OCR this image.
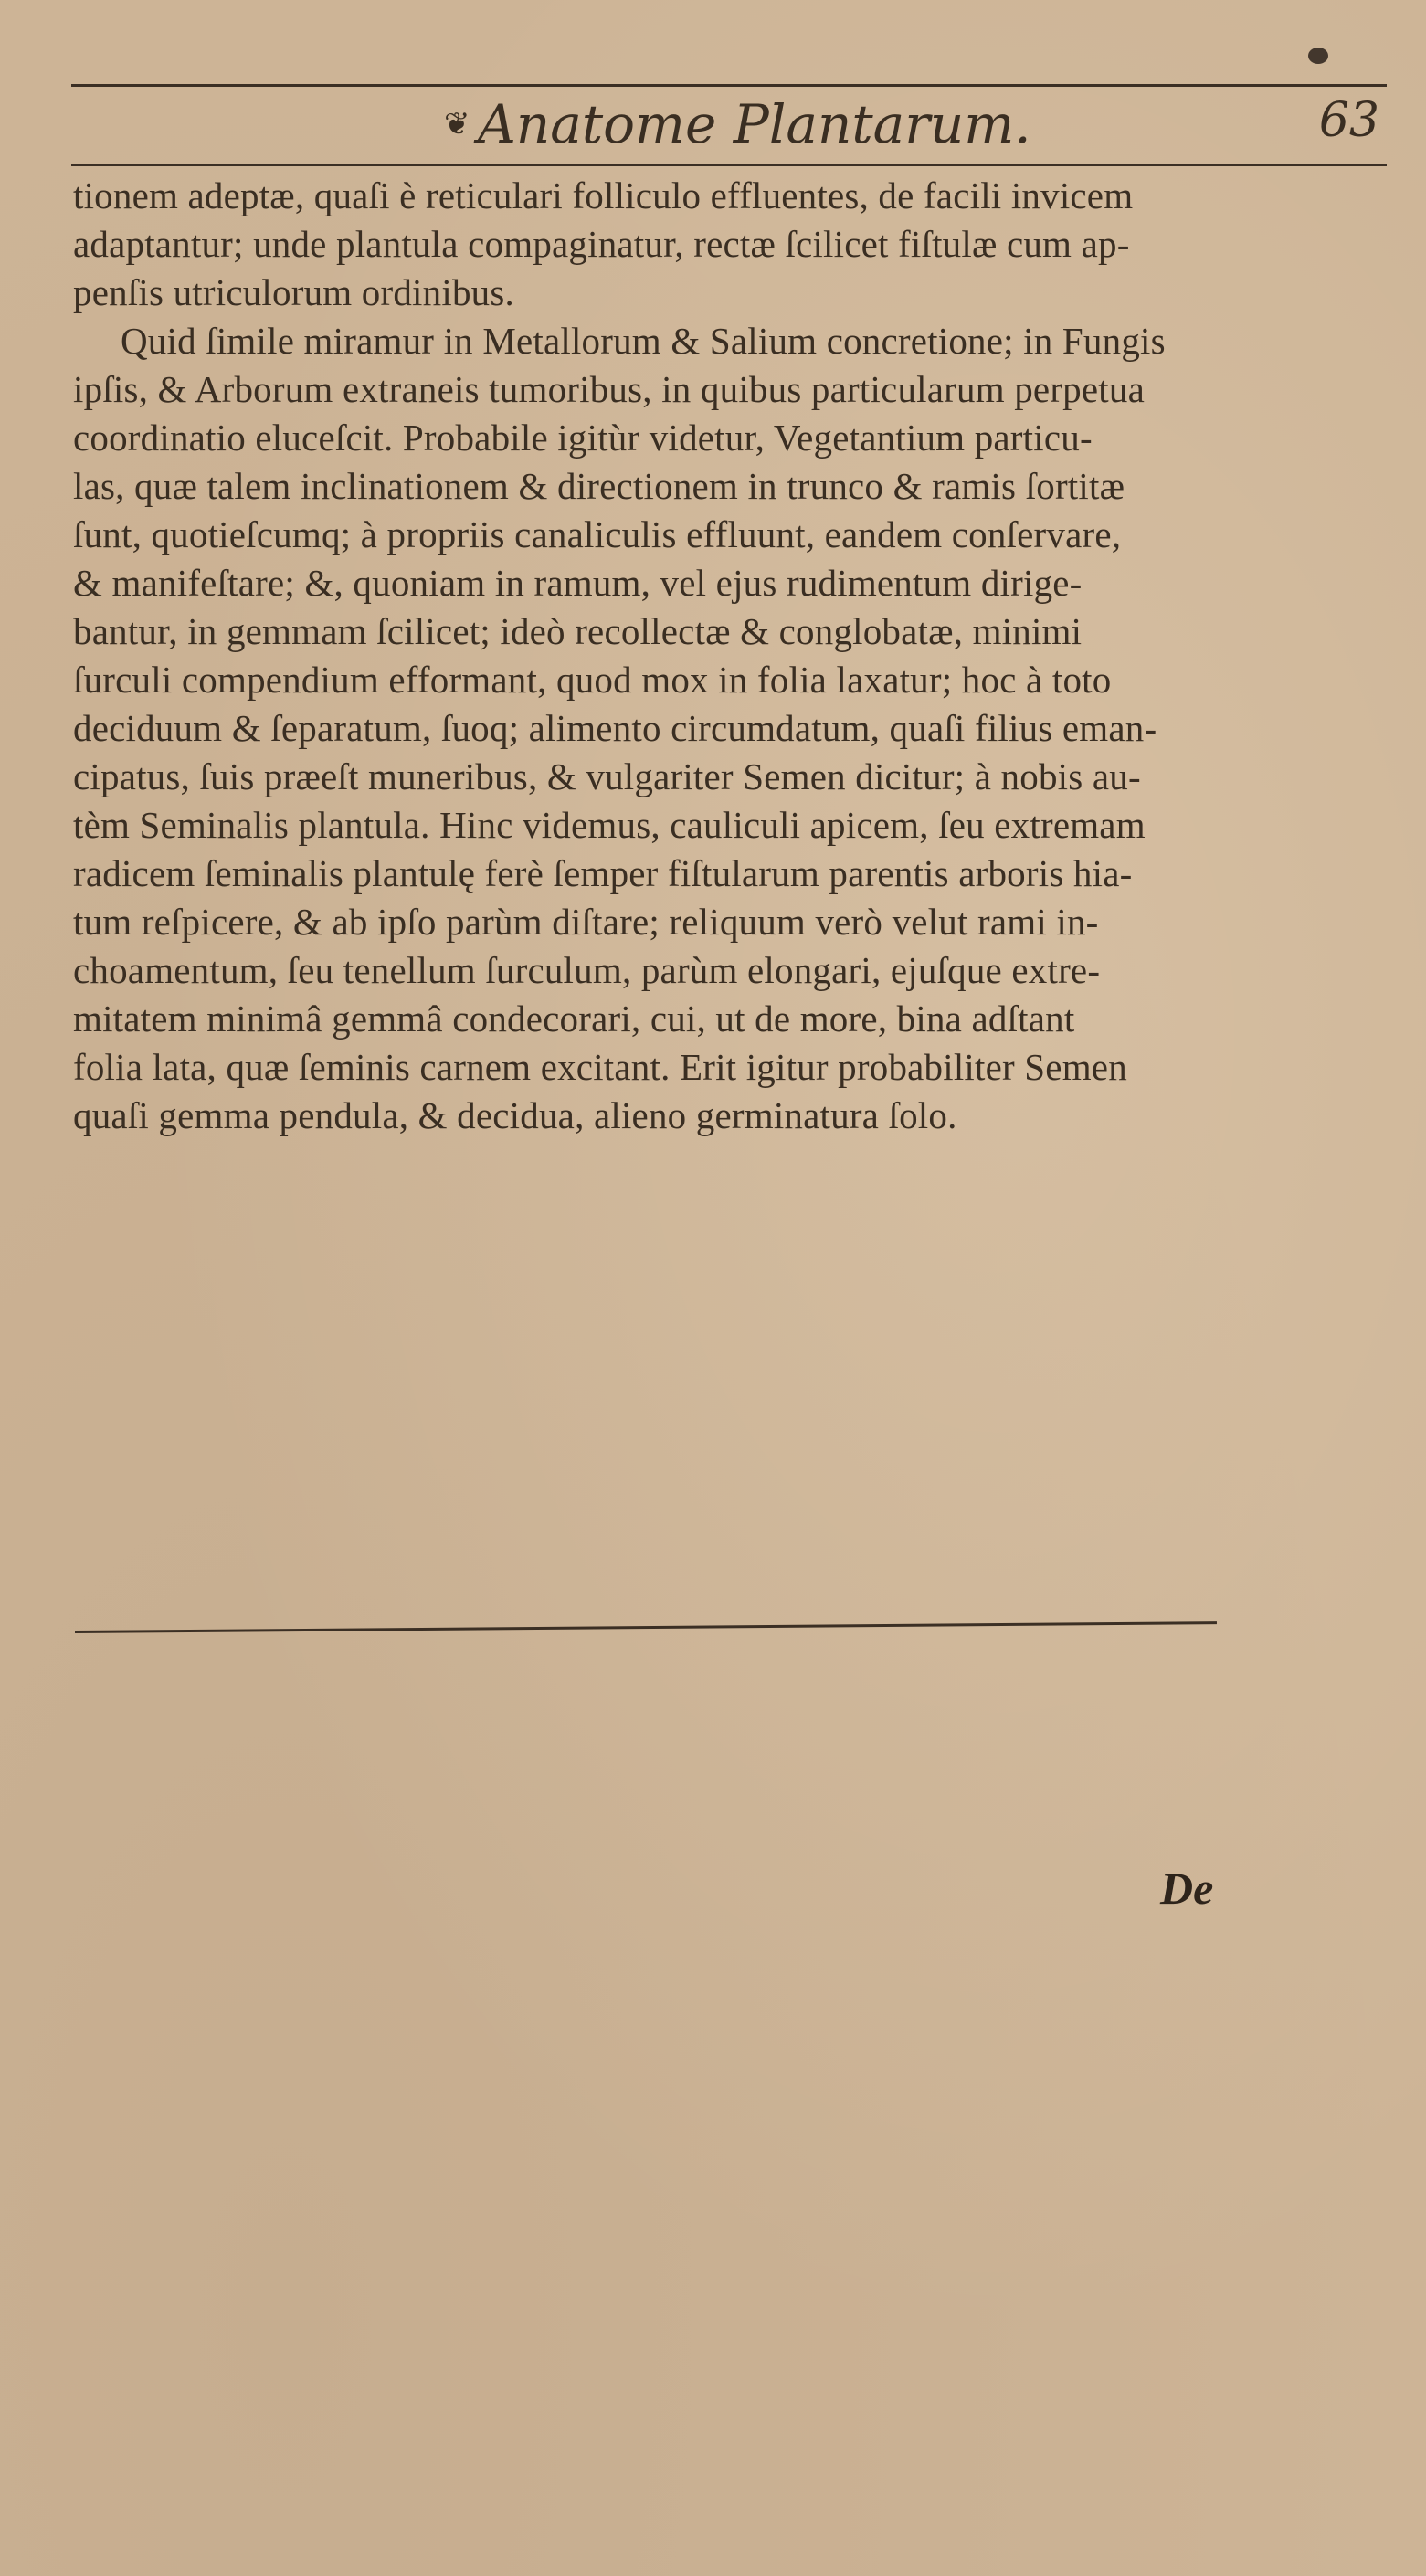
❦ Anatome Plantarum.	63
tionem adeptæ, quaſi è reticulari folliculo effluentes, de facili invicem
adaptantur; unde plantula compaginatur, rectæ ſcilicet fiſtulæ cum ap-
penſis utriculorum ordinibus.
Quid ſimile miramur in Metallorum & Salium concretione; in Fungis
ipſis, & Arborum extraneis tumoribus, in quibus particularum perpetua
coordinatio eluceſcit. Probabile igitùr videtur, Vegetantium particu-
las, quæ talem inclinationem & directionem in trunco & ramis ſortitæ
ſunt, quotieſcumq; à propriis canaliculis effluunt, eandem conſervare,
& manifeſtare; &, quoniam in ramum, vel ejus rudimentum dirige-
bantur, in gemmam ſcilicet; ideò recollectæ & conglobatæ, minimi
ſurculi compendium efformant, quod mox in folia laxatur; hoc à toto
deciduum & ſeparatum, ſuoq; alimento circumdatum, quaſi filius eman-
cipatus, ſuis præeſt muneribus, & vulgariter Semen dicitur; à nobis au-
tèm Seminalis plantula. Hinc videmus, cauliculi apicem, ſeu extremam
radicem ſeminalis plantulę ferè ſemper fiſtularum parentis arboris hia-
tum reſpicere, & ab ipſo parùm diſtare; reliquum verò velut rami in-
choamentum, ſeu tenellum ſurculum, parùm elongari, ejuſque extre-
mitatem minimâ gemmâ condecorari, cui, ut de more, bina adſtant
folia lata, quæ ſeminis carnem excitant. Erit igitur probabiliter Semen
quaſi gemma pendula, & decidua, alieno germinatura ſolo.
De
